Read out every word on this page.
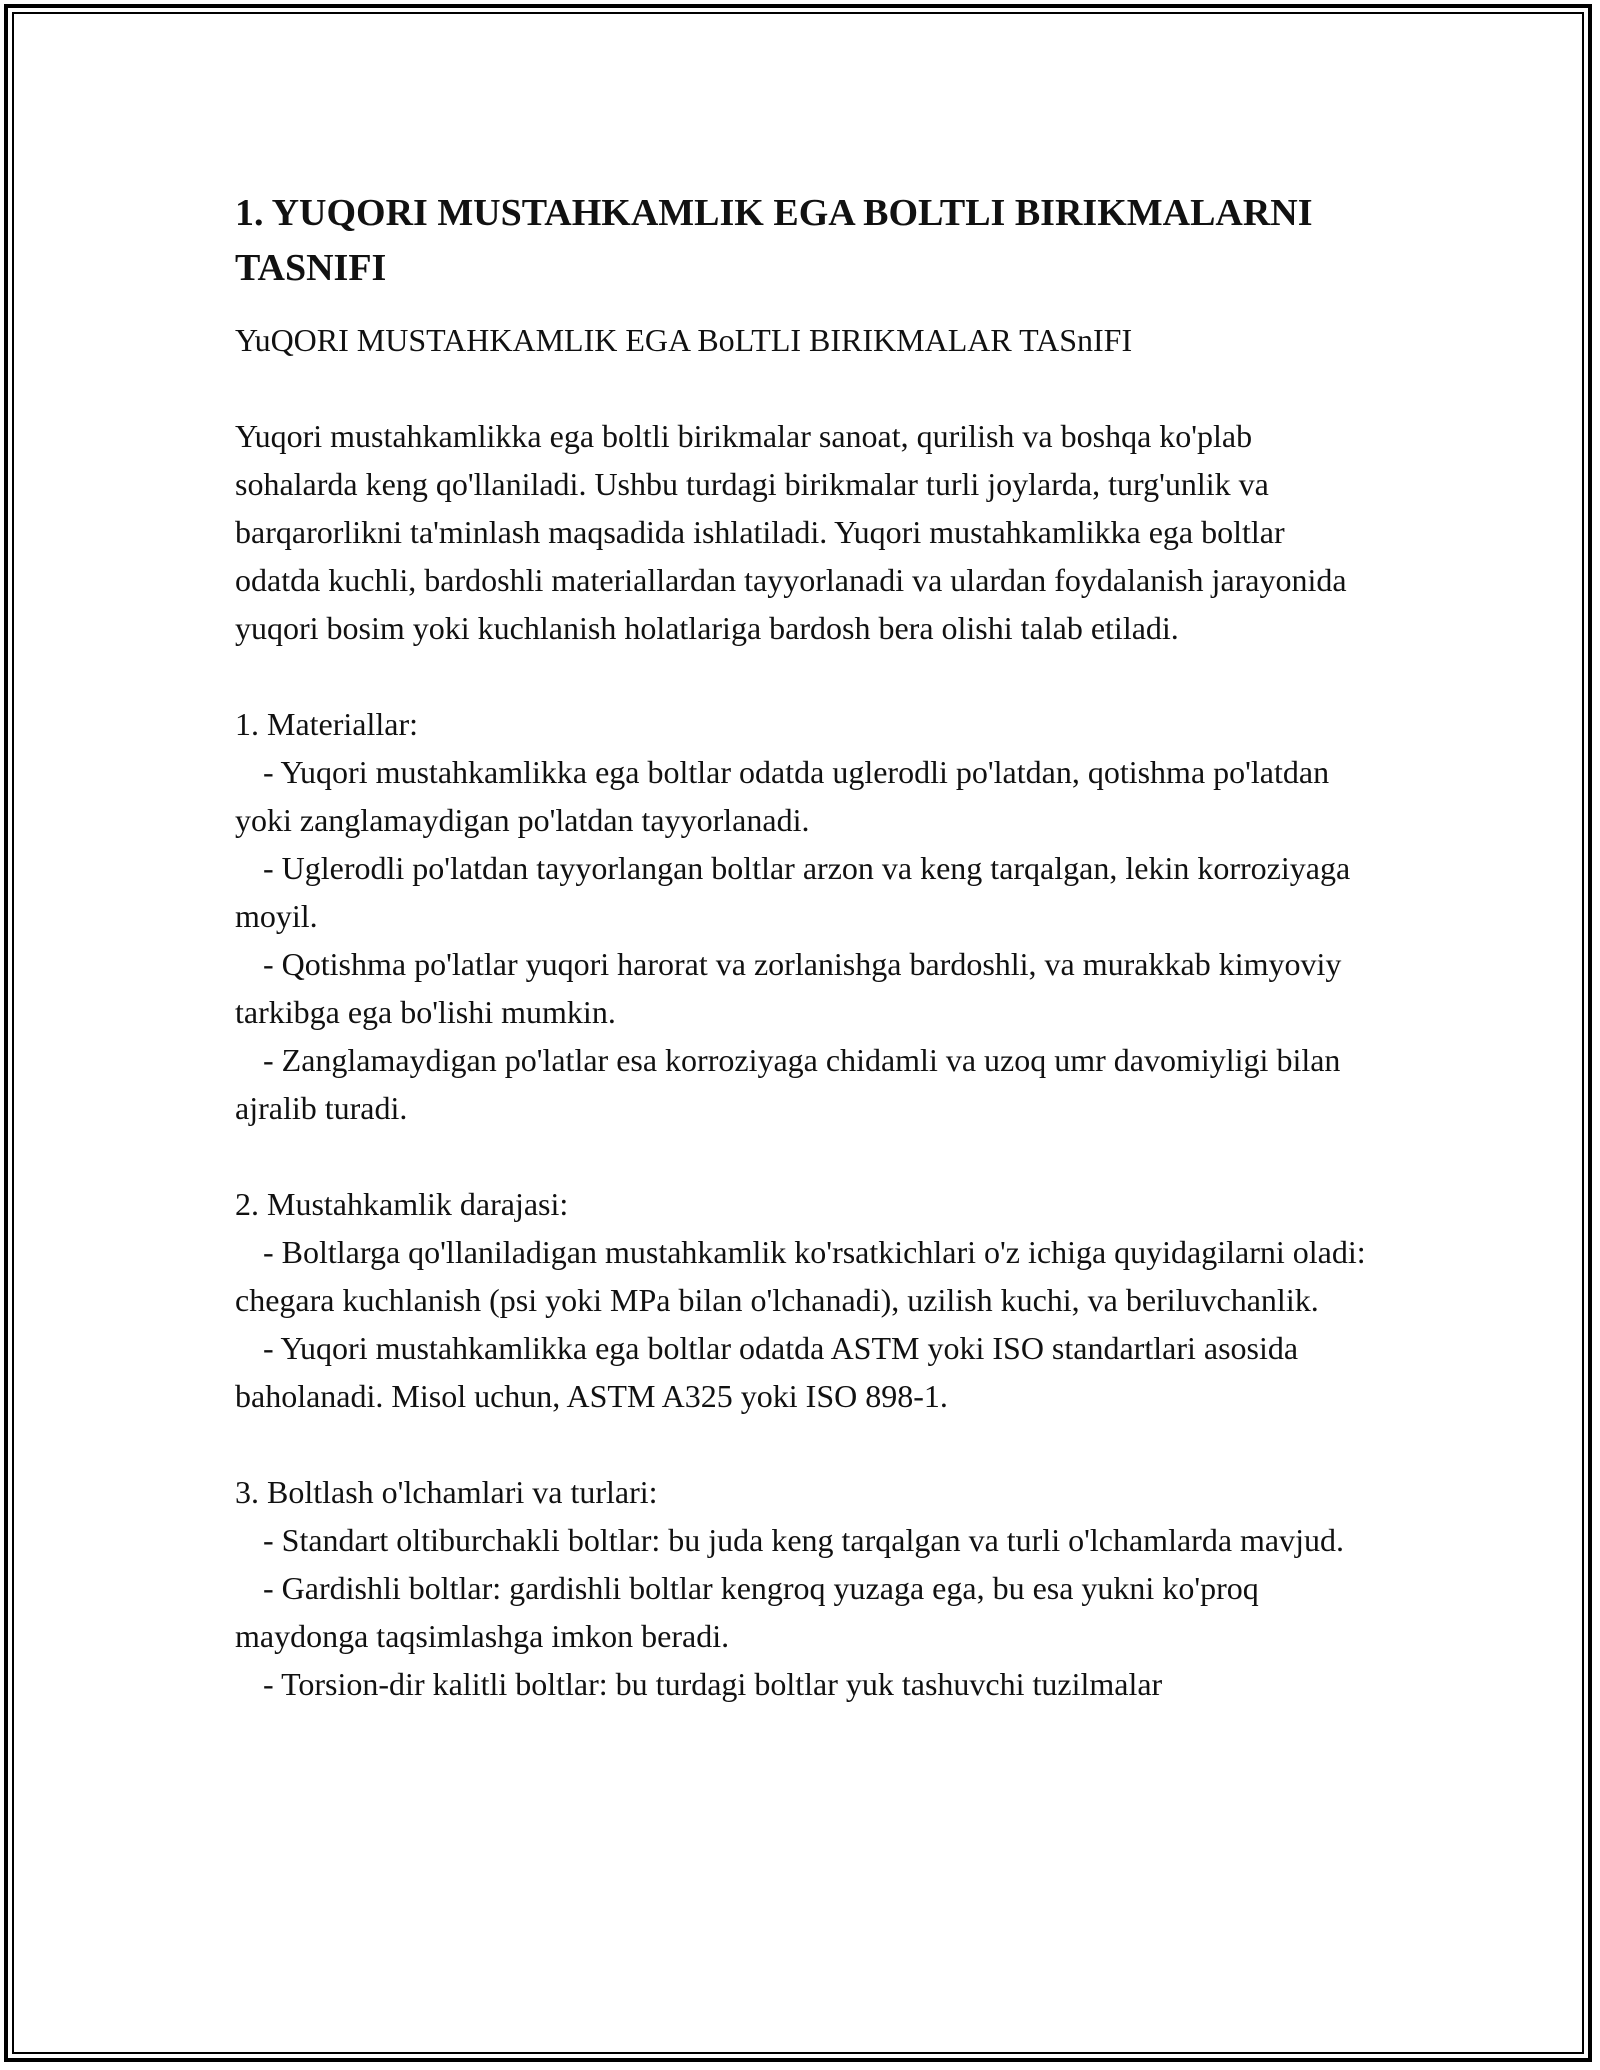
1. YUQORI MUSTAHKAMLIK EGA BOLTLI BIRIKMALARNI TASNIFI
YuQORI MUSTAHKAMLIK EGA BoLTLI BIRIKMALAR TASnIFI
Yuqori mustahkamlikka ega boltli birikmalar sanoat, qurilish va boshqa ko'plab sohalarda keng qo'llaniladi. Ushbu turdagi birikmalar turli joylarda, turg'unlik va barqarorlikni ta'minlash maqsadida ishlatiladi. Yuqori mustahkamlikka ega boltlar odatda kuchli, bardoshli materiallardan tayyorlanadi va ulardan foydalanish jarayonida yuqori bosim yoki kuchlanish holatlariga bardosh bera olishi talab etiladi.
1. Materiallar:
- Yuqori mustahkamlikka ega boltlar odatda uglerodli po'latdan, qotishma po'latdan yoki zanglamaydigan po'latdan tayyorlanadi.
- Uglerodli po'latdan tayyorlangan boltlar arzon va keng tarqalgan, lekin korroziyaga moyil.
- Qotishma po'latlar yuqori harorat va zorlanishga bardoshli, va murakkab kimyoviy tarkibga ega bo'lishi mumkin.
- Zanglamaydigan po'latlar esa korroziyaga chidamli va uzoq umr davomiyligi bilan ajralib turadi.
2. Mustahkamlik darajasi:
- Boltlarga qo'llaniladigan mustahkamlik ko'rsatkichlari o'z ichiga quyidagilarni oladi: chegara kuchlanish (psi yoki MPa bilan o'lchanadi), uzilish kuchi, va beriluvchanlik.
- Yuqori mustahkamlikka ega boltlar odatda ASTM yoki ISO standartlari asosida baholanadi. Misol uchun, ASTM A325 yoki ISO 898-1.
3. Boltlash o'lchamlari va turlari:
- Standart oltiburchakli boltlar: bu juda keng tarqalgan va turli o'lchamlarda mavjud.
- Gardishli boltlar: gardishli boltlar kengroq yuzaga ega, bu esa yukni ko'proq maydonga taqsimlashga imkon beradi.
- Torsion-dir kalitli boltlar: bu turdagi boltlar yuk tashuvchi tuzilmalar
